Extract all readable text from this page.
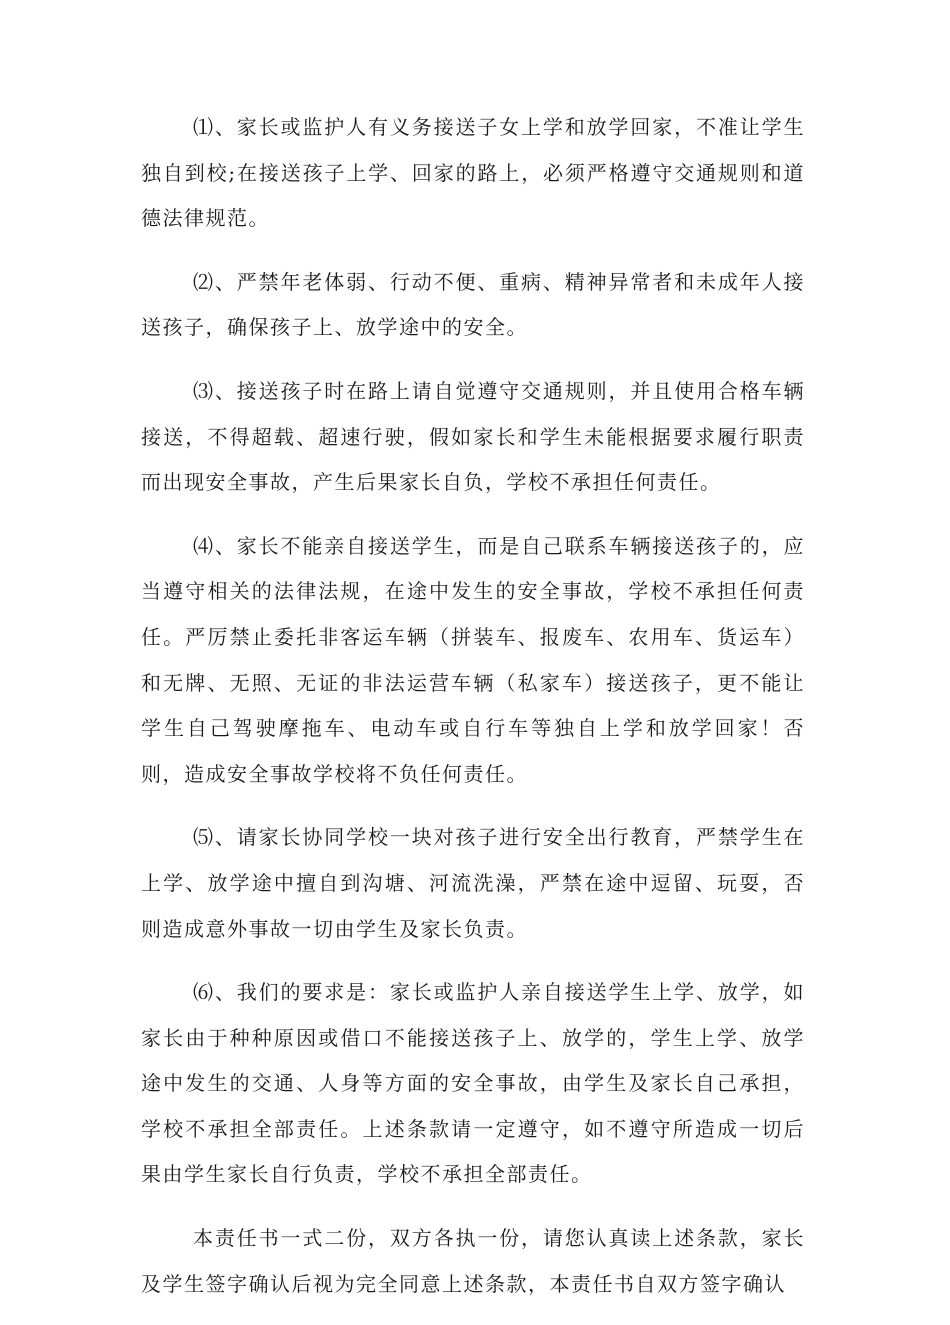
⑴、家长或监护人有义务接送子女上学和放学回家，不准让学生独自到校;在接送孩子上学、回家的路上，必须严格遵守交通规则和道德法律规范。

⑵、严禁年老体弱、行动不便、重病、精神异常者和未成年人接送孩子，确保孩子上、放学途中的安全。

⑶、接送孩子时在路上请自觉遵守交通规则，并且使用合格车辆接送，不得超载、超速行驶，假如家长和学生未能根据要求履行职责而出现安全事故，产生后果家长自负，学校不承担任何责任。

⑷、家长不能亲自接送学生，而是自己联系车辆接送孩子的，应当遵守相关的法律法规，在途中发生的安全事故，学校不承担任何责任。严厉禁止委托非客运车辆（拼装车、报废车、农用车、货运车）和无牌、无照、无证的非法运营车辆（私家车）接送孩子，更不能让学生自己驾驶摩拖车、电动车或自行车等独自上学和放学回家！否则，造成安全事故学校将不负任何责任。

⑸、请家长协同学校一块对孩子进行安全出行教育，严禁学生在上学、放学途中擅自到沟塘、河流洗澡，严禁在途中逗留、玩耍，否则造成意外事故一切由学生及家长负责。

⑹、我们的要求是：家长或监护人亲自接送学生上学、放学，如家长由于种种原因或借口不能接送孩子上、放学的，学生上学、放学途中发生的交通、人身等方面的安全事故，由学生及家长自己承担，学校不承担全部责任。上述条款请一定遵守，如不遵守所造成一切后果由学生家长自行负责，学校不承担全部责任。

本责任书一式二份，双方各执一份，请您认真读上述条款，家长及学生签字确认后视为完全同意上述条款，本责任书自双方签字确认
